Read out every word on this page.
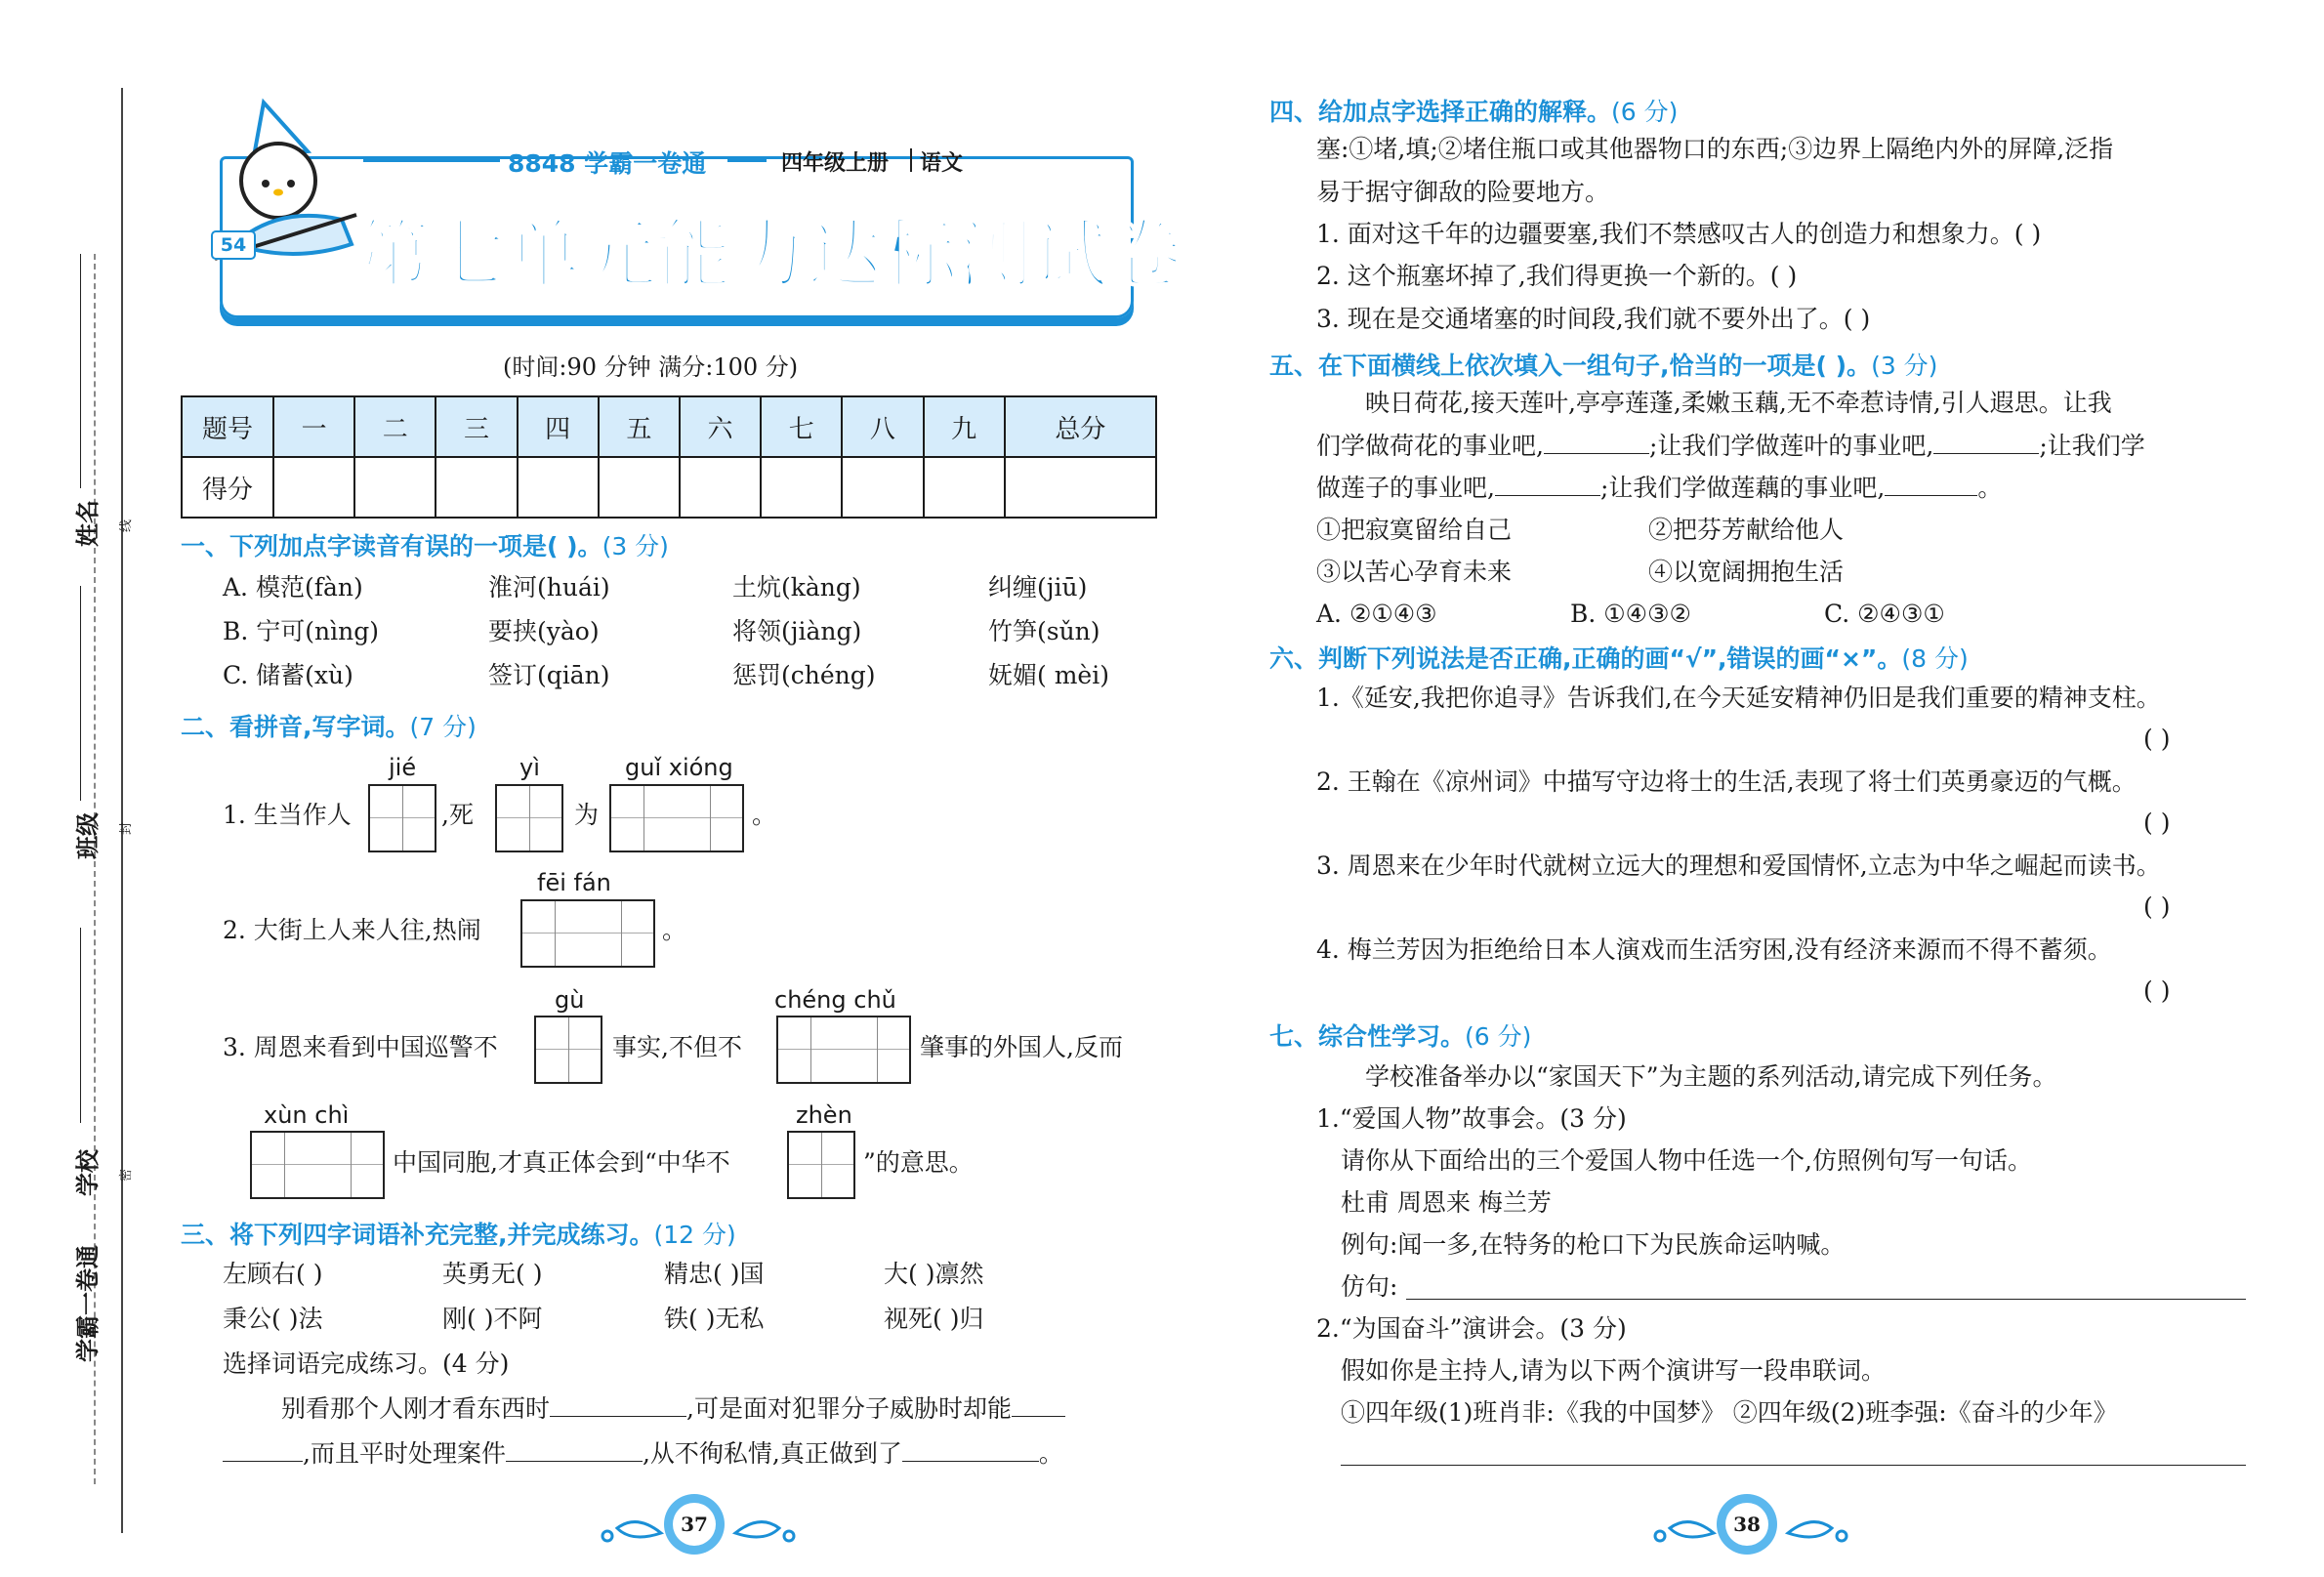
姓名
班级
学校
学霸一卷通
线
封
密
54
8848 学霸一卷通	四年级上册 语文
第七单元能力达标测试卷
(时间:90 分钟 满分:100 分)
题号	一	二	三	四	五	六	七	八	九	总分
得分										
一、下列加点字读音有误的一项是( )。(3 分)
A. 模范(fàn)	淮河(huái)	土炕(kàng)	纠缠(jiū)
B. 宁可(nìng)	要挟(yào)	将领(jiàng)	竹笋(sǔn)
C. 储蓄(xù)	签订(qiān)	惩罚(chéng)	妩媚( mèi)
二、看拼音,写字词。(7 分)
1. 生当作人
jié
,死
yì
为
guǐ xióng
。
2. 大街上人来人往,热闹
fēi fán
。
3. 周恩来看到中国巡警不
gù
事实,不但不
chéng chǔ
肇事的外国人,反而
xùn chì
中国同胞,才真正体会到“中华不
zhèn
”的意思。
三、将下列四字词语补充完整,并完成练习。(12 分)
左顾右( )	英勇无( )	精忠( )国	大( )凛然
秉公( )法	刚( )不阿	铁( )无私	视死( )归
选择词语完成练习。(4 分)
别看那个人刚才看东西时	,可是面对犯罪分子威胁时却能
,而且平时处理案件	,从不徇私情,真正做到了	。
37
四、给加点字选择正确的解释。(6 分)
塞:①堵,填;②堵住瓶口或其他器物口的东西;③边界上隔绝内外的屏障,泛指
易于据守御敌的险要地方。
1. 面对这千年的边疆要塞,我们不禁感叹古人的创造力和想象力。( )
2. 这个瓶塞坏掉了,我们得更换一个新的。( )
3. 现在是交通堵塞的时间段,我们就不要外出了。( )
五、在下面横线上依次填入一组句子,恰当的一项是( )。(3 分)
映日荷花,接天莲叶,亭亭莲蓬,柔嫩玉藕,无不牵惹诗情,引人遐思。让我
们学做荷花的事业吧,	;让我们学做莲叶的事业吧,	;让我们学
做莲子的事业吧,	;让我们学做莲藕的事业吧,	。
①把寂寞留给自己	②把芬芳献给他人
③以苦心孕育未来	④以宽阔拥抱生活
A. ②①④③	B. ①④③②	C. ②④③①
六、判断下列说法是否正确,正确的画“√”,错误的画“×”。(8 分)
1.《延安,我把你追寻》告诉我们,在今天延安精神仍旧是我们重要的精神支柱。
( )
2. 王翰在《凉州词》中描写守边将士的生活,表现了将士们英勇豪迈的气概。
( )
3. 周恩来在少年时代就树立远大的理想和爱国情怀,立志为中华之崛起而读书。
( )
4. 梅兰芳因为拒绝给日本人演戏而生活穷困,没有经济来源而不得不蓄须。
( )
七、综合性学习。(6 分)
学校准备举办以“家国天下”为主题的系列活动,请完成下列任务。
1.“爱国人物”故事会。(3 分)
请你从下面给出的三个爱国人物中任选一个,仿照例句写一句话。
杜甫 周恩来 梅兰芳
例句:闻一多,在特务的枪口下为民族命运呐喊。
仿句:
2.“为国奋斗”演讲会。(3 分)
假如你是主持人,请为以下两个演讲写一段串联词。
①四年级(1)班肖非:《我的中国梦》 ②四年级(2)班李强:《奋斗的少年》
38
